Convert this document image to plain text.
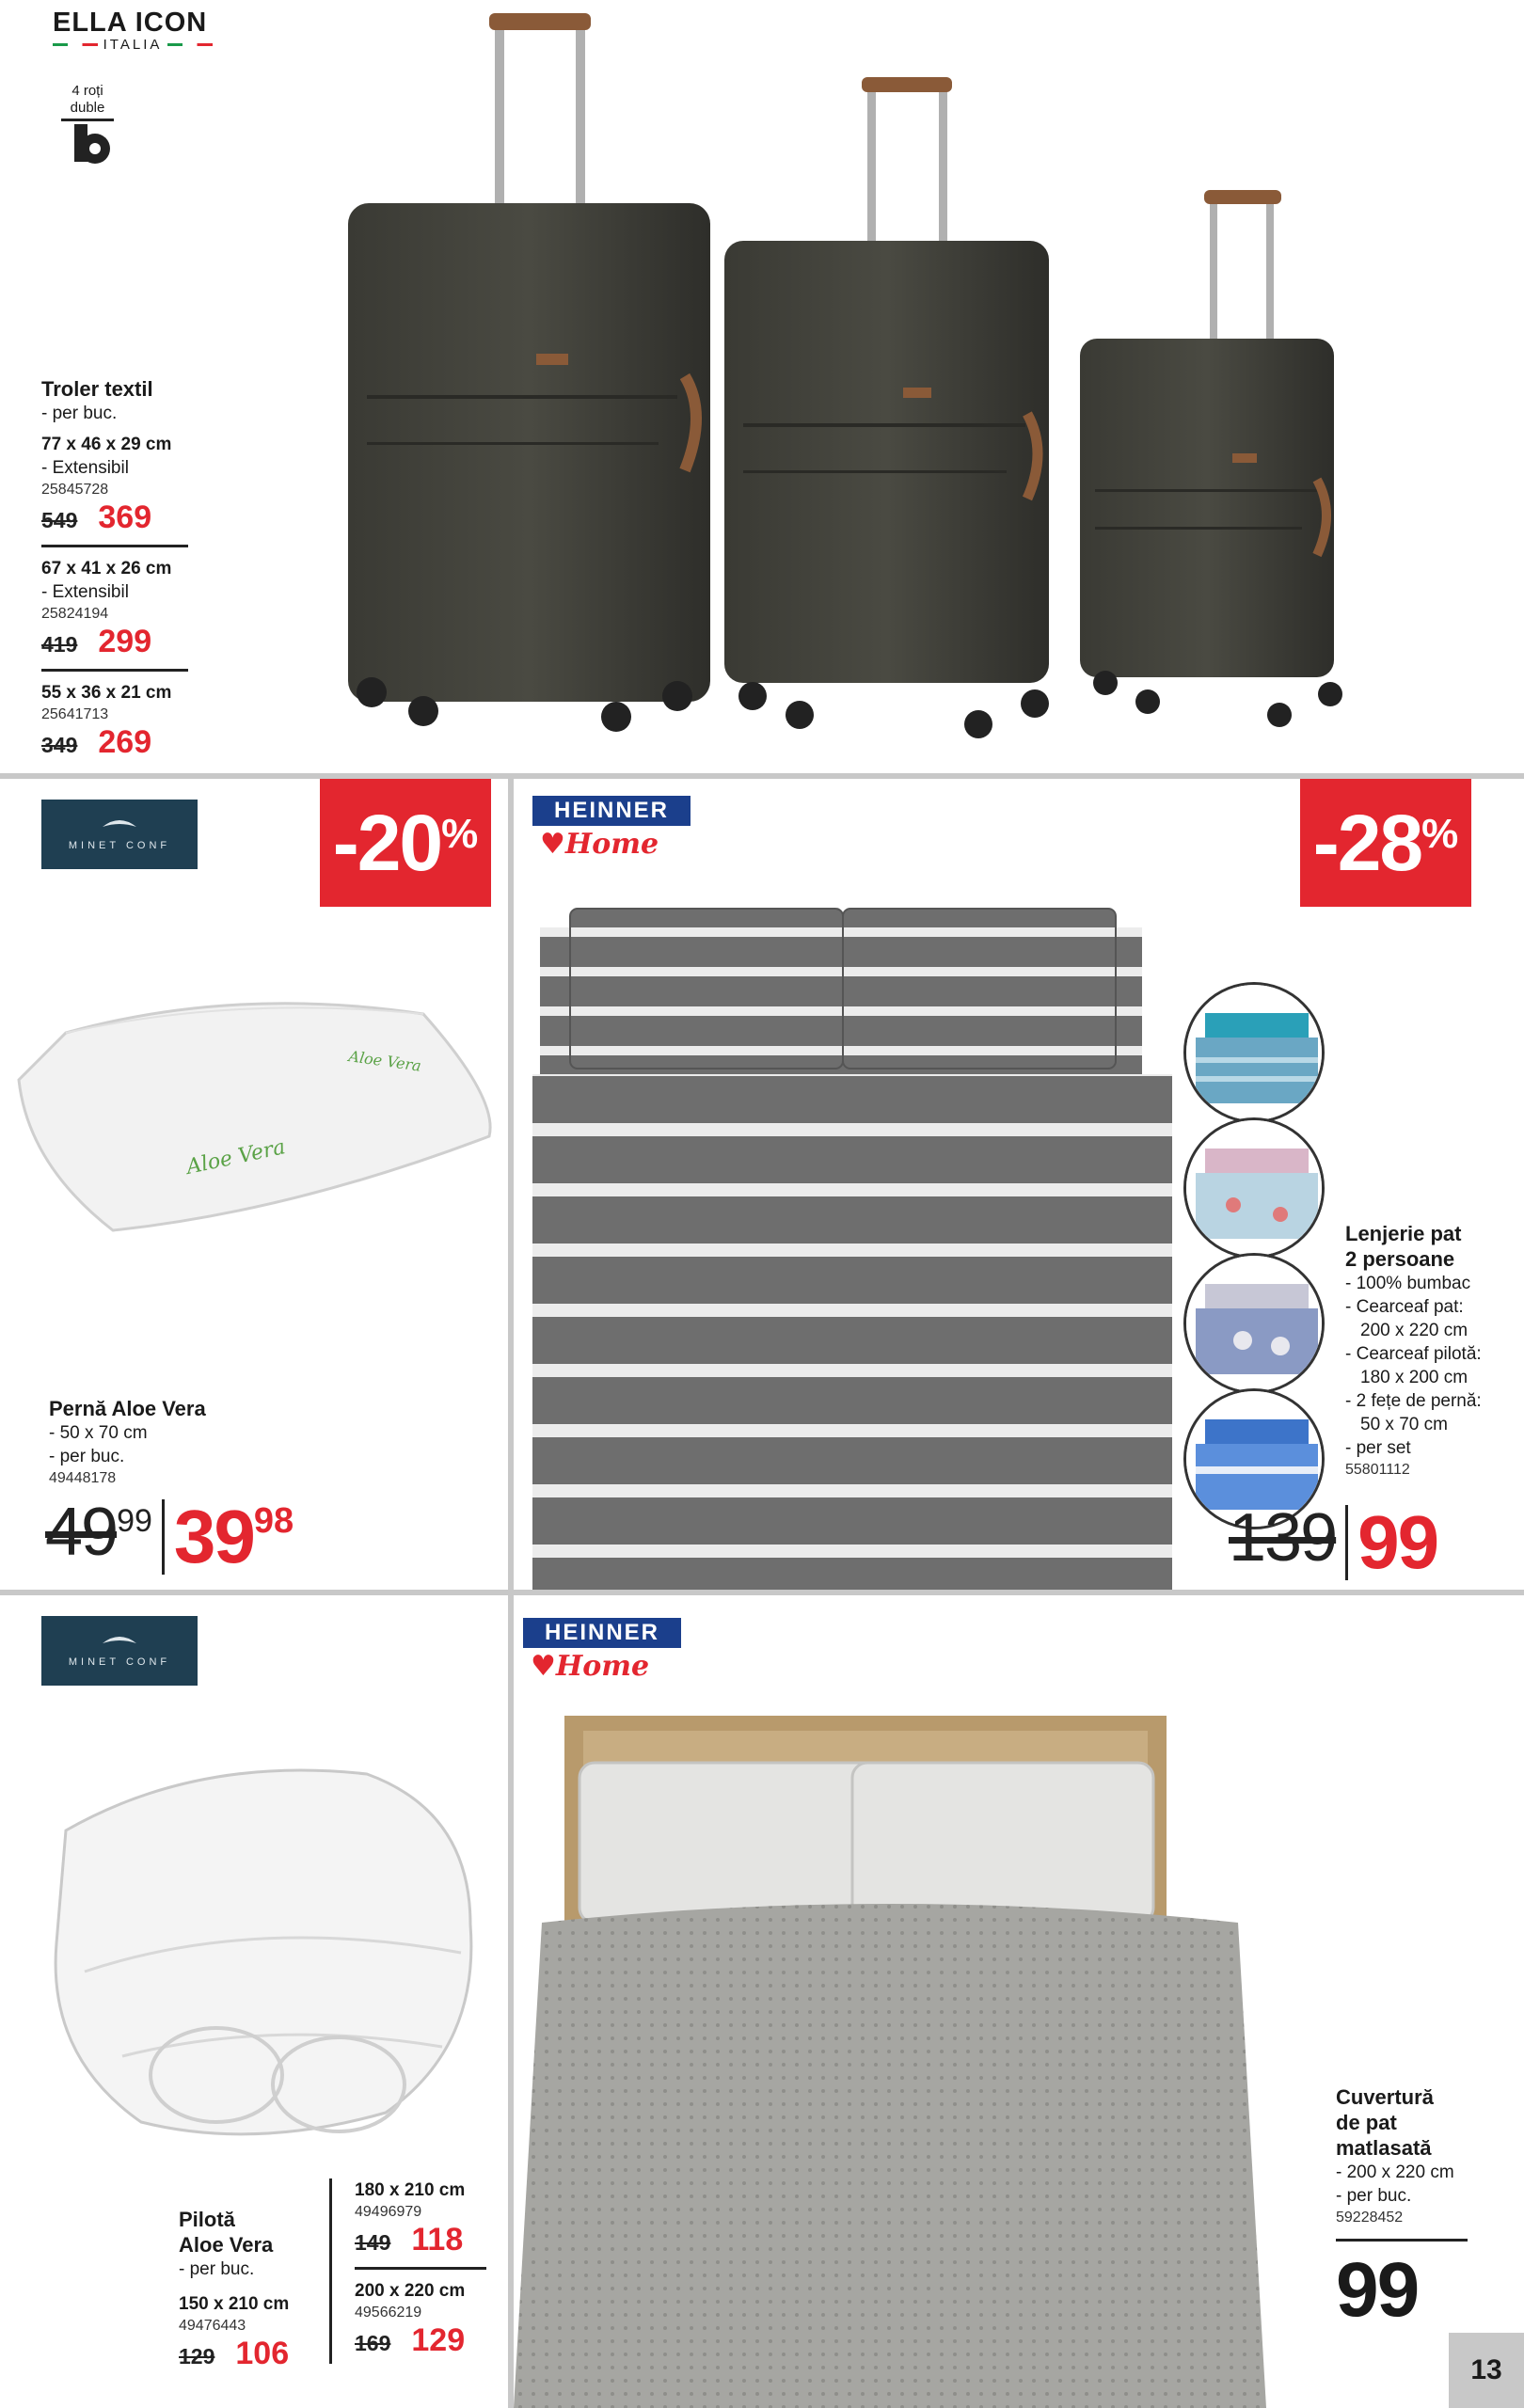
ELLA ICON
ITALIA
4 roți duble
Troler textil
- per buc.
77 x 46 x 29 cm
- Extensibil
25845728
549 369
67 x 41 x 26 cm
- Extensibil
25824194
419 299
55 x 36 x 21 cm
25641713
349 269
MINET CONF -20 %
Aloe Vera
Aloe Vera
Pernă Aloe Vera
- 50 x 70 cm
- per buc.
49448178
49 99 39 98
HEINNER
♥Home	-28 %
Lenjerie pat
2 persoane
- 100% bumbac
- Cearceaf pat:
200 x 220 cm
- Cearceaf pilotă:
180 x 200 cm
- 2 fețe de pernă:
50 x 70 cm
- per set
55801112
139 99
MINET CONF
Pilotă
Aloe Vera
- per buc.
150 x 210 cm
49476443
129 106
180 x 210 cm
49496979
149 118
200 x 220 cm
49566219
169 129
HEINNER
♥Home
Cuvertură
de pat
matlasată
- 200 x 220 cm
- per buc.
59228452
99
13
